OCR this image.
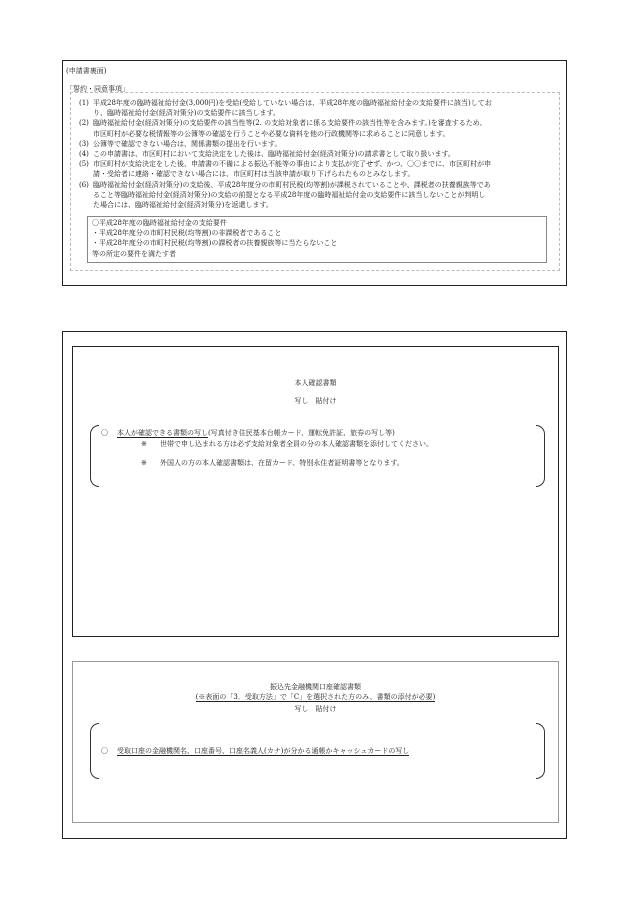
(申請書裏面)
「誓約・同意事項」
(1) 平成28年度の臨時福祉給付金(3,000円)を受給(受給していない場合は、平成28年度の臨時福祉給付金の支給要件に該当)してお
り、臨時福祉給付金(経済対策分)の支給要件に該当します。
(2) 臨時福祉給付金(経済対策分)の支給要件の該当性等(2. の支給対象者に係る支給要件の該当性等を含みます。)を審査するため、
市区町村が必要な税情報等の公簿等の確認を行うことや必要な資料を他の行政機関等に求めることに同意します。
(3) 公簿等で確認できない場合は、関係書類の提出を行います。
(4) この申請書は、市区町村において支給決定をした後は、臨時福祉給付金(経済対策分)の請求書として取り扱います。
(5) 市区町村が支給決定をした後、申請書の不備による振込不能等の事由により支払が完了せず、かつ、〇〇までに、市区町村が申
請・受給者に連絡・確認できない場合には、市区町村は当該申請が取り下げられたものとみなします。
(6) 臨時福祉給付金(経済対策分)の支給後、平成28年度分の市町村民税(均等割)が課税されていることや、課税者の扶養親族等であ
ること等臨時福祉給付金(経済対策分)の支給の前提となる平成28年度の臨時福祉給付金の支給要件に該当しないことが判明し
た場合には、臨時福祉給付金(経済対策分)を返還します。
〇平成28年度の臨時福祉給付金の支給要件
・平成28年度分の市町村民税(均等割)の非課税者であること
・平成28年度分の市町村民税(均等割)の課税者の扶養親族等に当たらないこと
等の所定の要件を満たす者
本人確認書類
写し　貼付け
〇 本人が確認できる書類の写し(写真付き住民基本台帳カード、運転免許証、旅券の写し等)
※ 世帯で申し込まれる方は必ず支給対象者全員の分の本人確認書類を添付してください。
※ 外国人の方の本人確認書類は、在留カード、特別永住者証明書等となります。
振込先金融機関口座確認書類
(※表面の「3．受取方法」で「C」を選択された方のみ、書類の添付が必要)
写し　貼付け
〇 受取口座の金融機関名、口座番号、口座名義人(カナ)が分かる通帳かキャッシュカードの写し
